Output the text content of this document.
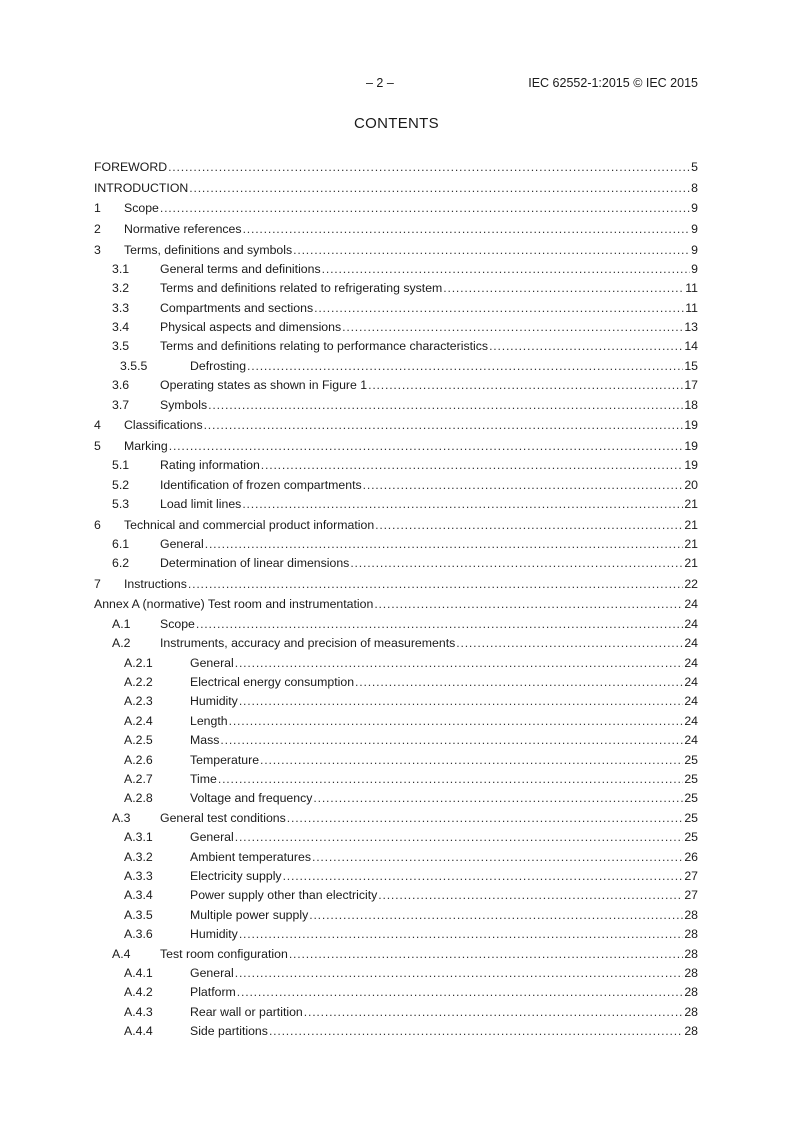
– 2 –	IEC 62552-1:2015 © IEC 2015
CONTENTS
FOREWORD .....	5
INTRODUCTION .....	8
1 Scope .....	9
2 Normative references .....	9
3 Terms, definitions and symbols .....	9
3.1	General terms and definitions .....	9
3.2	Terms and definitions related to refrigerating system .....	11
3.3	Compartments and sections .....	11
3.4	Physical aspects and dimensions .....	13
3.5	Terms and definitions relating to performance characteristics .....	14
3.5.5	Defrosting .....	15
3.6	Operating states as shown in Figure 1 .....	17
3.7	Symbols .....	18
4 Classifications .....	19
5 Marking .....	19
5.1	Rating information .....	19
5.2	Identification of frozen compartments .....	20
5.3	Load limit lines .....	21
6 Technical and commercial product information .....	21
6.1	General .....	21
6.2	Determination of linear dimensions .....	21
7 Instructions .....	22
Annex A (normative) Test room and instrumentation .....	24
A.1 Scope .....	24
A.2 Instruments, accuracy and precision of measurements .....	24
A.2.1	General .....	24
A.2.2	Electrical energy consumption .....	24
A.2.3	Humidity .....	24
A.2.4	Length .....	24
A.2.5	Mass .....	24
A.2.6	Temperature .....	25
A.2.7	Time .....	25
A.2.8	Voltage and frequency .....	25
A.3 General test conditions .....	25
A.3.1	General .....	25
A.3.2	Ambient temperatures .....	26
A.3.3	Electricity supply .....	27
A.3.4	Power supply other than electricity .....	27
A.3.5	Multiple power supply .....	28
A.3.6	Humidity .....	28
A.4 Test room configuration .....	28
A.4.1	General .....	28
A.4.2	Platform .....	28
A.4.3	Rear wall or partition .....	28
A.4.4	Side partitions .....	28
